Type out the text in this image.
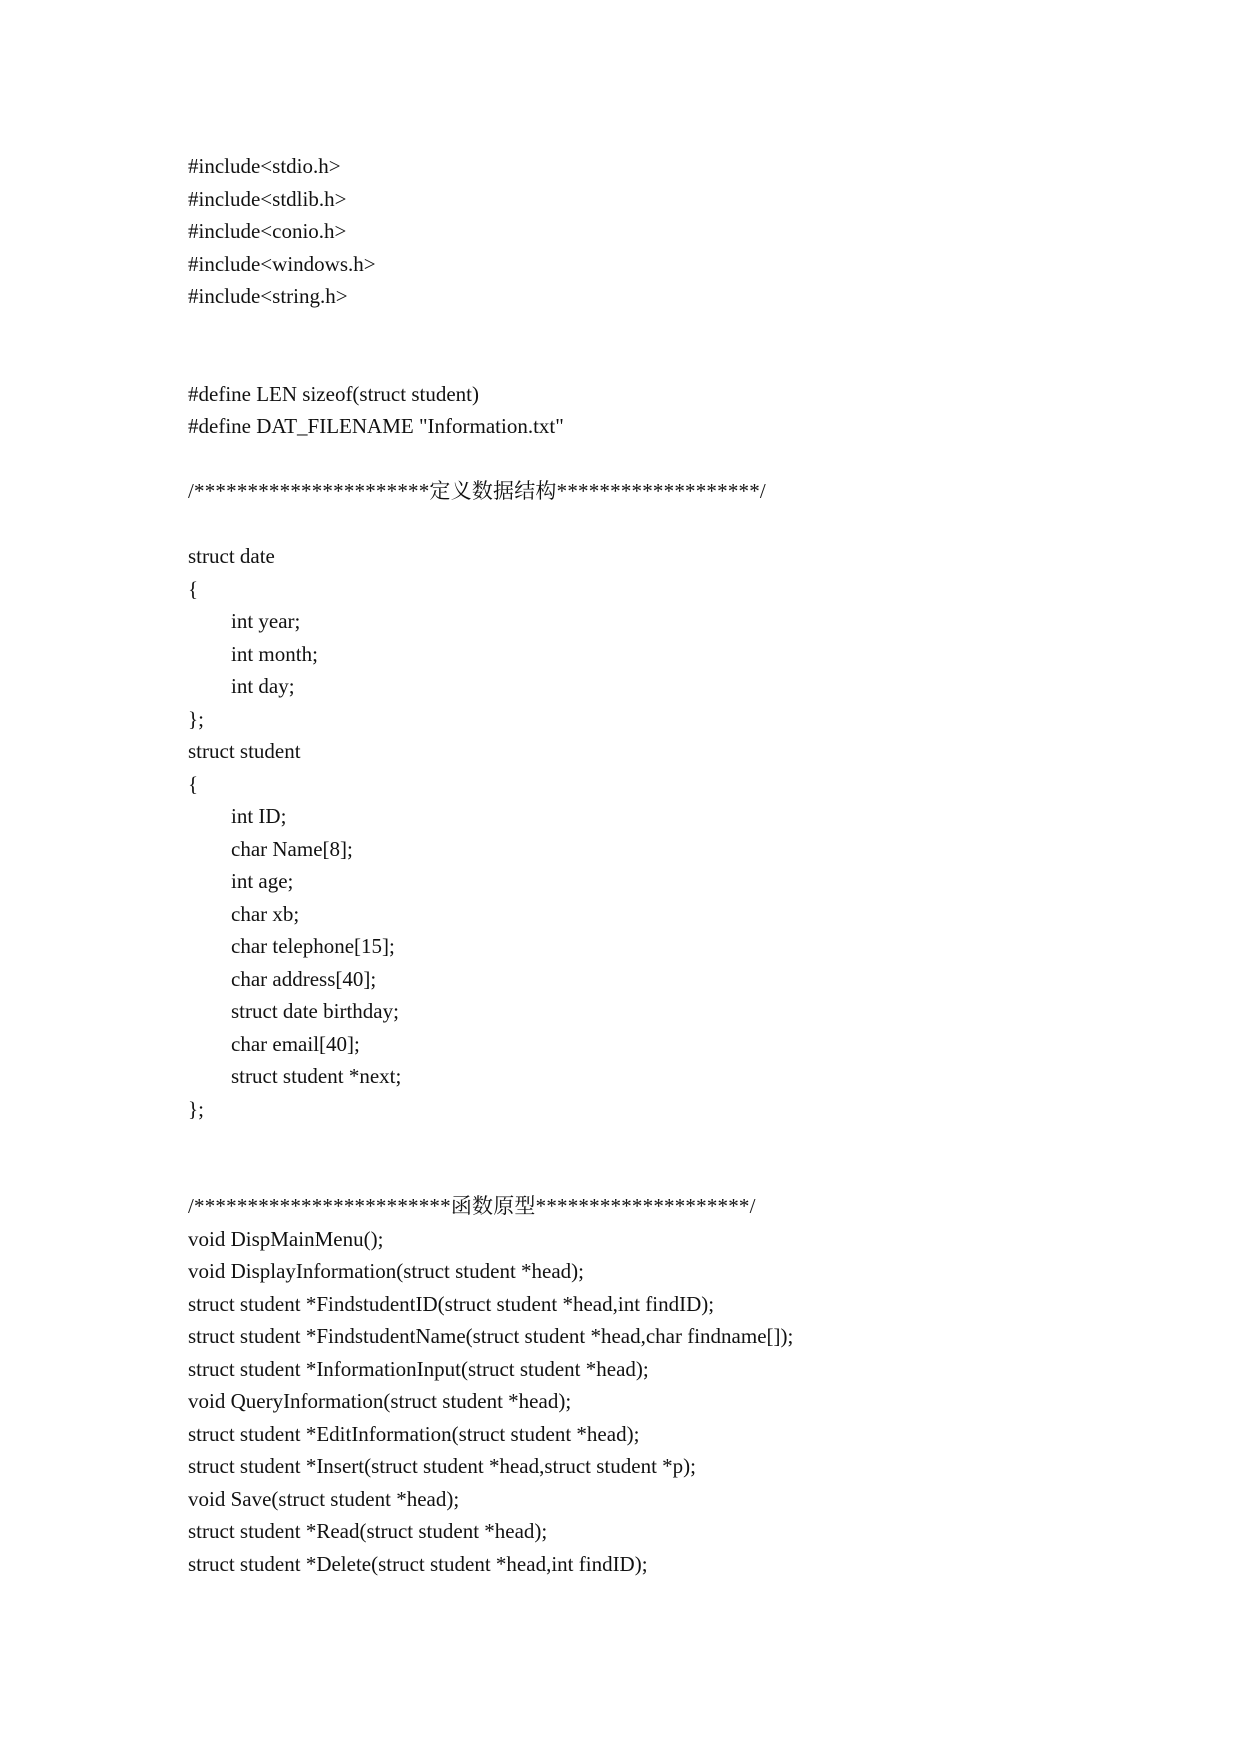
#include<stdio.h>
#include<stdlib.h>
#include<conio.h>
#include<windows.h>
#include<string.h>
#define LEN sizeof(struct student)
#define DAT_FILENAME "Information.txt"
/**********************定义数据结构*******************/
struct date
{
int year;
int month;
int day;
};
struct student
{
int ID;
char Name[8];
int age;
char xb;
char telephone[15];
char address[40];
struct date birthday;
char email[40];
struct student *next;
};
/************************函数原型********************/
void DispMainMenu();
void DisplayInformation(struct student *head);
struct student *FindstudentID(struct student *head,int findID);
struct student *FindstudentName(struct student *head,char findname[]);
struct student *InformationInput(struct student *head);
void QueryInformation(struct student *head);
struct student *EditInformation(struct student *head);
struct student *Insert(struct student *head,struct student *p);
void Save(struct student *head);
struct student *Read(struct student *head);
struct student *Delete(struct student *head,int findID);
